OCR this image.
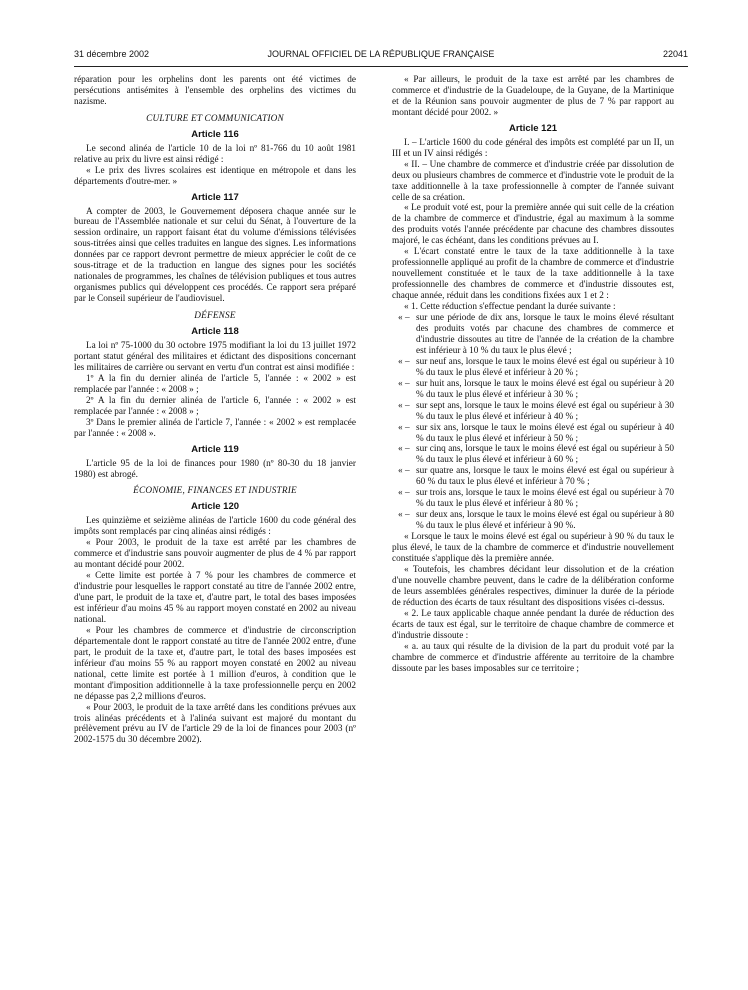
31 décembre 2002	JOURNAL OFFICIEL DE LA RÉPUBLIQUE FRANÇAISE	22041

réparation pour les orphelins dont les parents ont été victimes de persécutions antisémites à l'ensemble des orphelins des victimes du nazisme.

CULTURE ET COMMUNICATION
Article 116

Le second alinéa de l'article 10 de la loi nº 81-766 du 10 août 1981 relative au prix du livre est ainsi rédigé :

« Le prix des livres scolaires est identique en métropole et dans les départements d'outre-mer. »

Article 117

A compter de 2003, le Gouvernement déposera chaque année sur le bureau de l'Assemblée nationale et sur celui du Sénat, à l'ouverture de la session ordinaire, un rapport faisant état du volume d'émissions télévisées sous-titrées ainsi que celles traduites en langue des signes. Les informations données par ce rapport devront permettre de mieux apprécier le coût de ce sous-titrage et de la traduction en langue des signes pour les sociétés nationales de programmes, les chaînes de télévision publiques et tous autres organismes publics qui développent ces procédés. Ce rapport sera préparé par le Conseil supérieur de l'audiovisuel.

DÉFENSE
Article 118

La loi nº 75-1000 du 30 octobre 1975 modifiant la loi du 13 juillet 1972 portant statut général des militaires et édictant des dispositions concernant les militaires de carrière ou servant en vertu d'un contrat est ainsi modifiée :

1º A la fin du dernier alinéa de l'article 5, l'année : « 2002 » est remplacée par l'année : « 2008 » ;

2º A la fin du dernier alinéa de l'article 6, l'année : « 2002 » est remplacée par l'année : « 2008 » ;

3º Dans le premier alinéa de l'article 7, l'année : « 2002 » est remplacée par l'année : « 2008 ».

Article 119

L'article 95 de la loi de finances pour 1980 (nº 80-30 du 18 janvier 1980) est abrogé.

ÉCONOMIE, FINANCES ET INDUSTRIE
Article 120

Les quinzième et seizième alinéas de l'article 1600 du code général des impôts sont remplacés par cinq alinéas ainsi rédigés :

« Pour 2003, le produit de la taxe est arrêté par les chambres de commerce et d'industrie sans pouvoir augmenter de plus de 4 % par rapport au montant décidé pour 2002.

« Cette limite est portée à 7 % pour les chambres de commerce et d'industrie pour lesquelles le rapport constaté au titre de l'année 2002 entre, d'une part, le produit de la taxe et, d'autre part, le total des bases imposées est inférieur d'au moins 45 % au rapport moyen constaté en 2002 au niveau national.

« Pour les chambres de commerce et d'industrie de circonscription départementale dont le rapport constaté au titre de l'année 2002 entre, d'une part, le produit de la taxe et, d'autre part, le total des bases imposées est inférieur d'au moins 55 % au rapport moyen constaté en 2002 au niveau national, cette limite est portée à 1 million d'euros, à condition que le montant d'imposition additionnelle à la taxe professionnelle perçu en 2002 ne dépasse pas 2,2 millions d'euros.

« Pour 2003, le produit de la taxe arrêté dans les conditions prévues aux trois alinéas précédents et à l'alinéa suivant est majoré du montant du prélèvement prévu au IV de l'article 29 de la loi de finances pour 2003 (nº 2002-1575 du 30 décembre 2002).

« Par ailleurs, le produit de la taxe est arrêté par les chambres de commerce et d'industrie de la Guadeloupe, de la Guyane, de la Martinique et de la Réunion sans pouvoir augmenter de plus de 7 % par rapport au montant décidé pour 2002. »

Article 121

I. – L'article 1600 du code général des impôts est complété par un II, un III et un IV ainsi rédigés :

« II. – Une chambre de commerce et d'industrie créée par dissolution de deux ou plusieurs chambres de commerce et d'industrie vote le produit de la taxe additionnelle à la taxe professionnelle à compter de l'année suivant celle de sa création.

« Le produit voté est, pour la première année qui suit celle de la création de la chambre de commerce et d'industrie, égal au maximum à la somme des produits votés l'année précédente par chacune des chambres dissoutes majoré, le cas échéant, dans les conditions prévues au I.

« L'écart constaté entre le taux de la taxe additionnelle à la taxe professionnelle appliqué au profit de la chambre de commerce et d'industrie nouvellement constituée et le taux de la taxe additionnelle à la taxe professionnelle des chambres de commerce et d'industrie dissoutes est, chaque année, réduit dans les conditions fixées aux 1 et 2 :

« 1. Cette réduction s'effectue pendant la durée suivante :

« – sur une période de dix ans, lorsque le taux le moins élevé résultant des produits votés par chacune des chambres de commerce et d'industrie dissoutes au titre de l'année de la création de la chambre est inférieur à 10 % du taux le plus élevé ;

« – sur neuf ans, lorsque le taux le moins élevé est égal ou supérieur à 10 % du taux le plus élevé et inférieur à 20 % ;

« – sur huit ans, lorsque le taux le moins élevé est égal ou supérieur à 20 % du taux le plus élevé et inférieur à 30 % ;

« – sur sept ans, lorsque le taux le moins élevé est égal ou supérieur à 30 % du taux le plus élevé et inférieur à 40 % ;

« – sur six ans, lorsque le taux le moins élevé est égal ou supérieur à 40 % du taux le plus élevé et inférieur à 50 % ;

« – sur cinq ans, lorsque le taux le moins élevé est égal ou supérieur à 50 % du taux le plus élevé et inférieur à 60 % ;

« – sur quatre ans, lorsque le taux le moins élevé est égal ou supérieur à 60 % du taux le plus élevé et inférieur à 70 % ;

« – sur trois ans, lorsque le taux le moins élevé est égal ou supérieur à 70 % du taux le plus élevé et inférieur à 80 % ;

« – sur deux ans, lorsque le taux le moins élevé est égal ou supérieur à 80 % du taux le plus élevé et inférieur à 90 %.

« Lorsque le taux le moins élevé est égal ou supérieur à 90 % du taux le plus élevé, le taux de la chambre de commerce et d'industrie nouvellement constituée s'applique dès la première année.

« Toutefois, les chambres décidant leur dissolution et de la création d'une nouvelle chambre peuvent, dans le cadre de la délibération conforme de leurs assemblées générales respectives, diminuer la durée de la période de réduction des écarts de taux résultant des dispositions visées ci-dessus.

« 2. Le taux applicable chaque année pendant la durée de réduction des écarts de taux est égal, sur le territoire de chaque chambre de commerce et d'industrie dissoute :

« a. au taux qui résulte de la division de la part du produit voté par la chambre de commerce et d'industrie afférente au territoire de la chambre dissoute par les bases imposables sur ce territoire ;
